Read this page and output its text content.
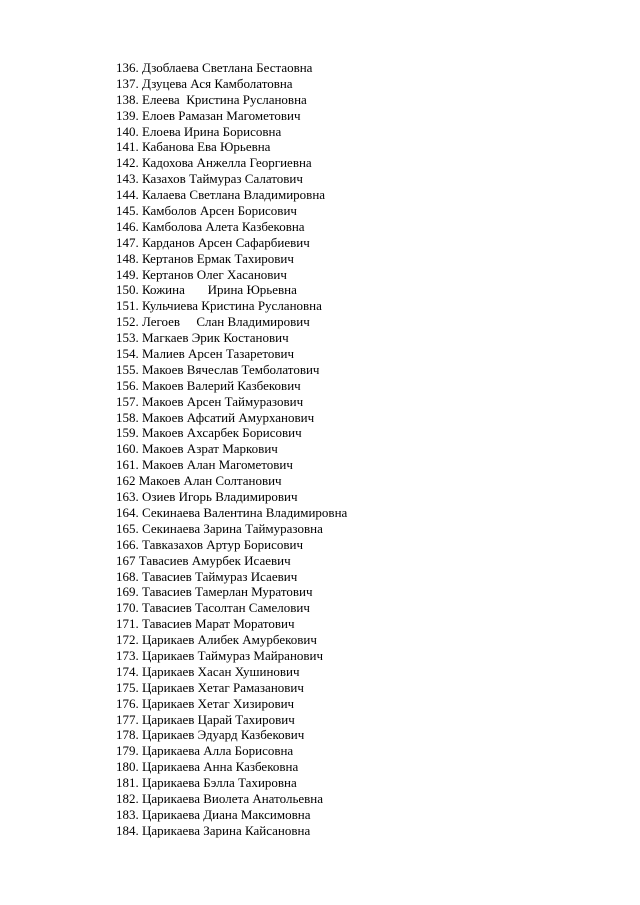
136. Дзоблаева Светлана Бестаовна
137. Дзуцева Ася Камболатовна
138. Елеева  Кристина Руслановна
139. Елоев Рамазан Магометович
140. Елоева Ирина Борисовна
141. Кабанова Ева Юрьевна
142. Кадохова Анжелла Георгиевна
143. Казахов Таймураз Салатович
144. Калаева Светлана Владимировна
145. Камболов Арсен Борисович
146. Камболова Алета Казбековна
147. Карданов Арсен Сафарбиевич
148. Кертанов Ермак Тахирович
149. Кертанов Олег Хасанович
150. Кожина       Ирина Юрьевна
151. Кульчиева Кристина Руслановна
152. Легоев     Слан Владимирович
153. Магкаев Эрик Костанович
154. Малиев Арсен Тазаретович
155. Макоев Вячеслав Темболатович
156. Макоев Валерий Казбекович
157. Макоев Арсен Таймуразович
158. Макоев Афсатий Амурханович
159. Макоев Ахсарбек Борисович
160. Макоев Азрат Маркович
161. Макоев Алан Магометович
162 Макоев Алан Солтанович
163. Озиев Игорь Владимирович
164. Секинаева Валентина Владимировна
165. Секинаева Зарина Таймуразовна
166. Тавказахов Артур Борисович
167 Тавасиев Амурбек Исаевич
168. Тавасиев Таймураз Исаевич
169. Тавасиев Тамерлан Муратович
170. Тавасиев Тасолтан Самелович
171. Тавасиев Марат Моратович
172. Царикаев Алибек Амурбекович
173. Царикаев Таймураз Майранович
174. Царикаев Хасан Хушинович
175. Царикаев Хетаг Рамазанович
176. Царикаев Хетаг Хизирович
177. Царикаев Царай Тахирович
178. Царикаев Эдуард Казбекович
179. Царикаева Алла Борисовна
180. Царикаева Анна Казбековна
181. Царикаева Бэлла Тахировна
182. Царикаева Виолета Анатольевна
183. Царикаева Диана Максимовна
184. Царикаева Зарина Кайсановна
